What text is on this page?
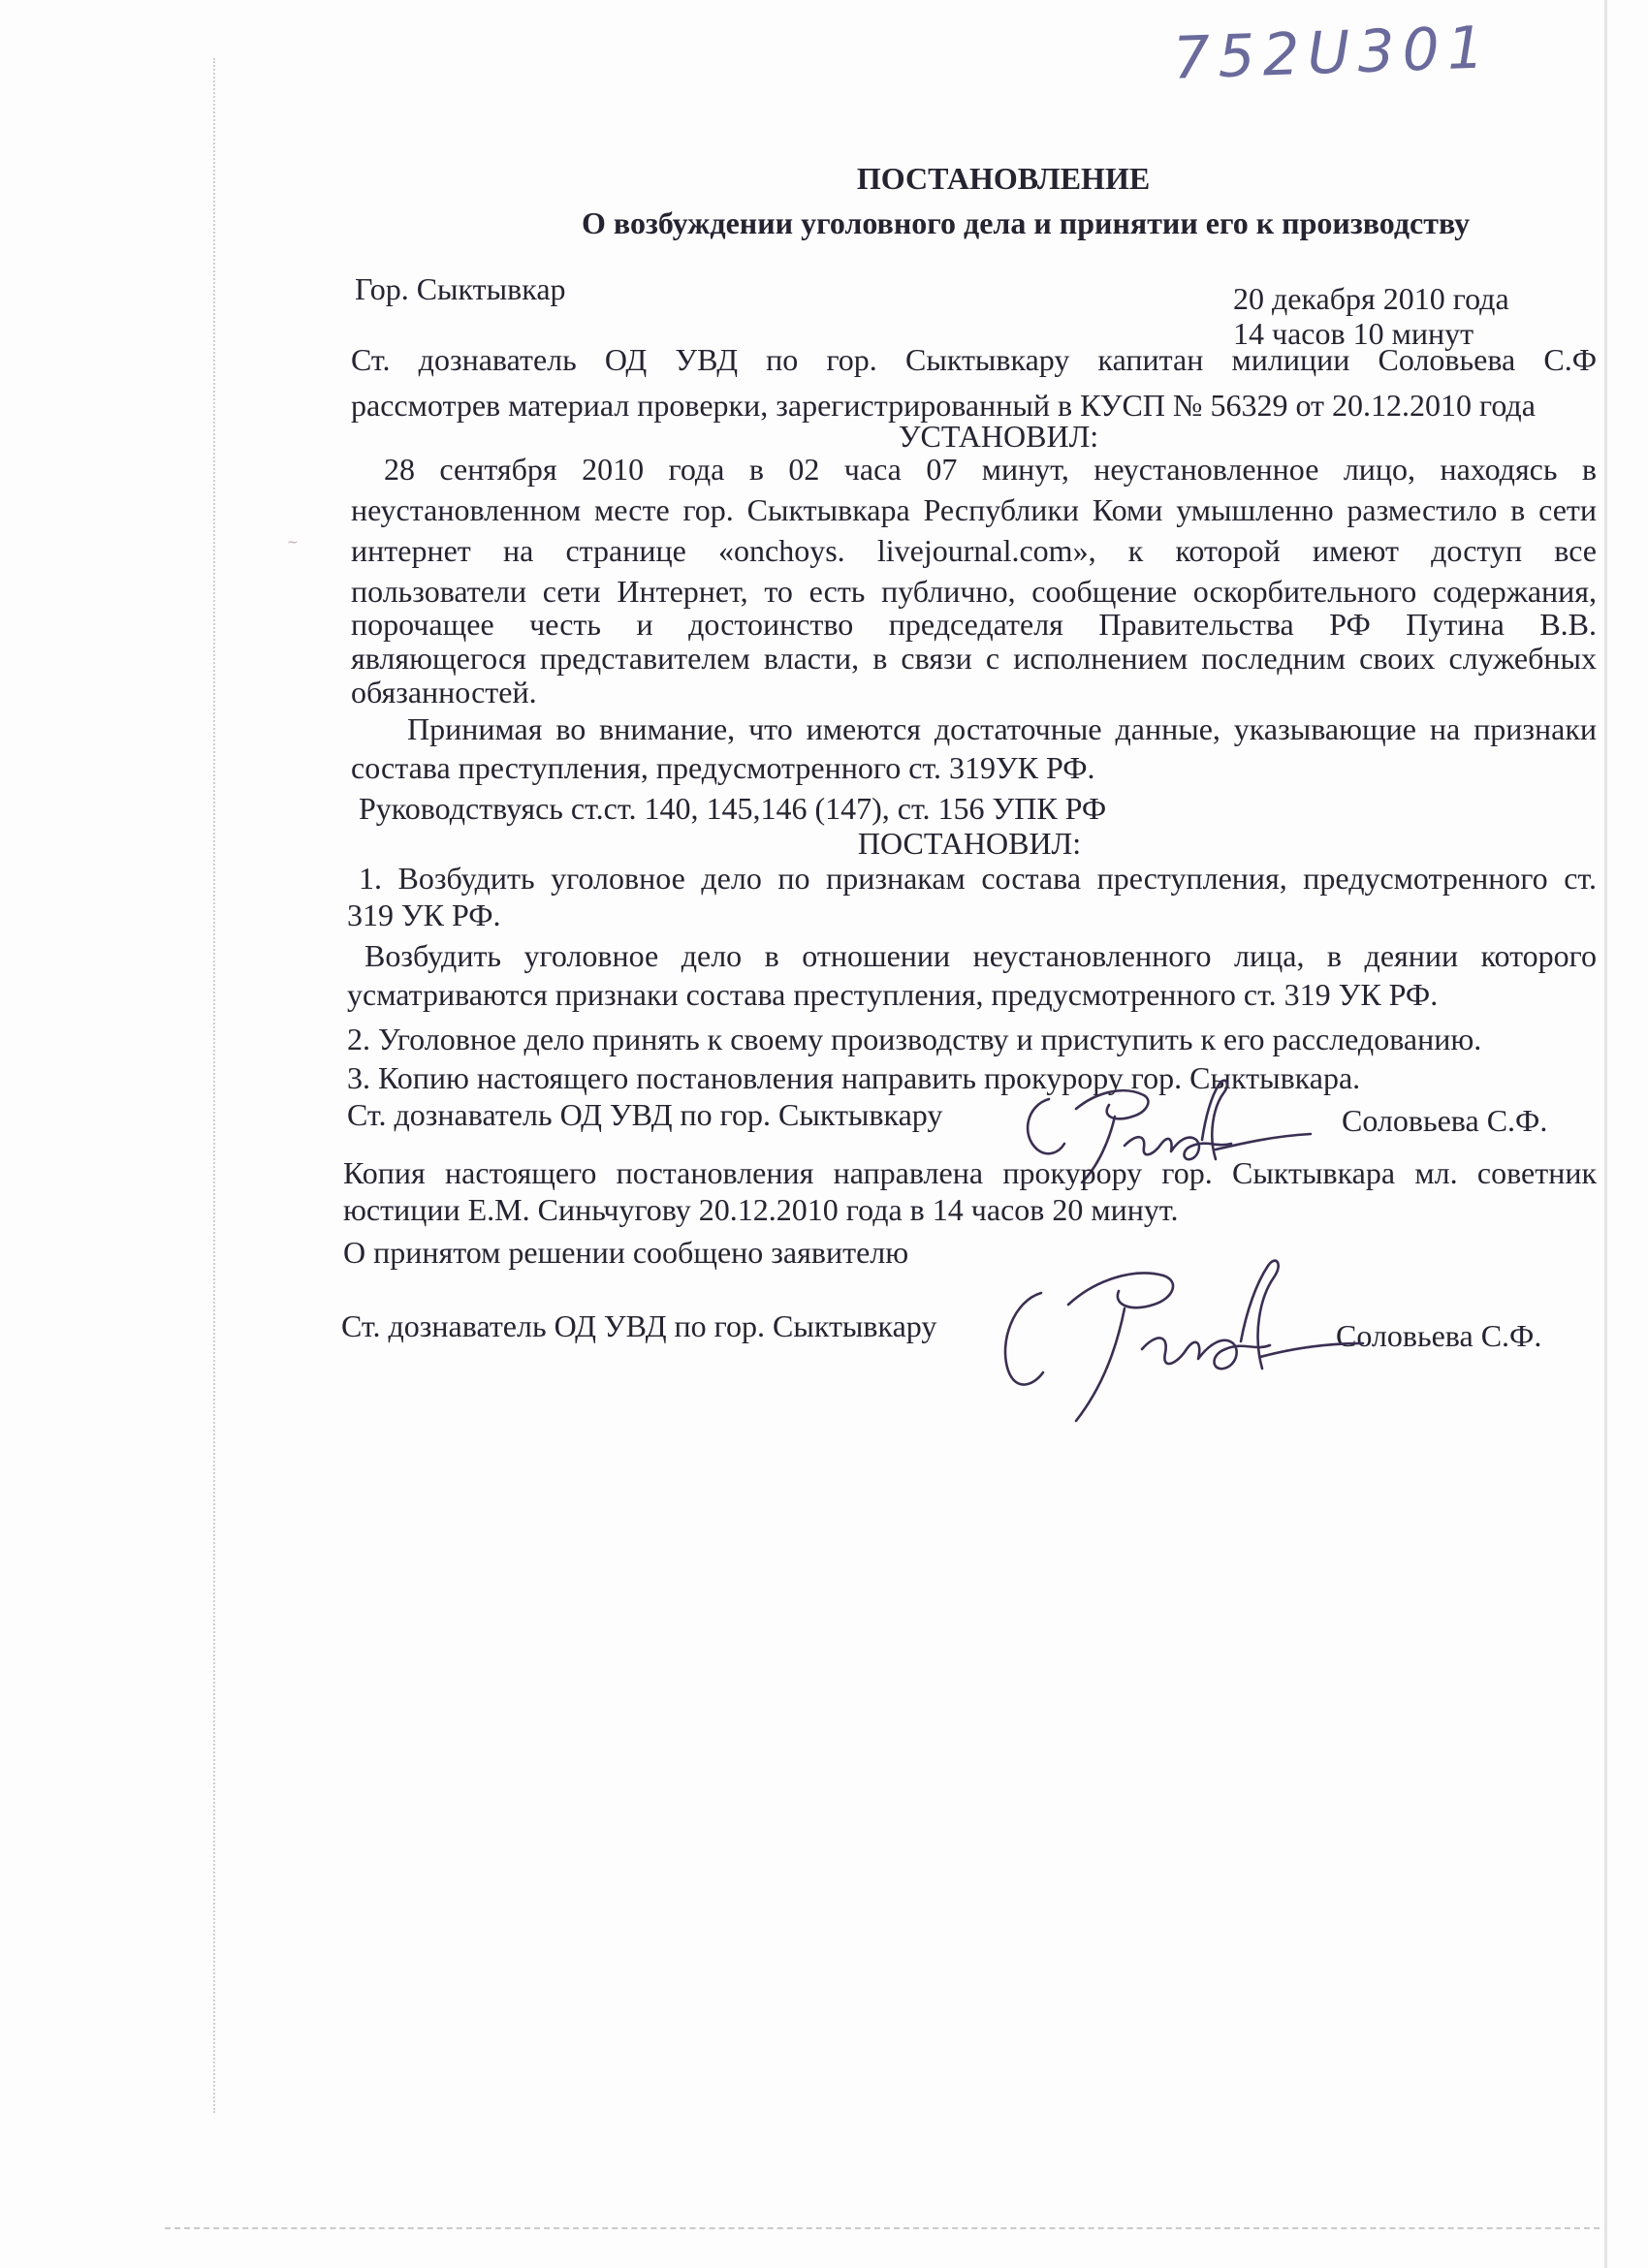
~
752U301
ПОСТАНОВЛЕНИЕ
О возбуждении уголовного дела и принятии его к производству
Гор. Сыктывкар	20 декабря 2010 года
14 часов 10 минут
Ст. дознаватель ОД УВД по гор. Сыктывкару капитан милиции Соловьева С.Ф
рассмотрев материал проверки, зарегистрированный в КУСП № 56329 от 20.12.2010 года
УСТАНОВИЛ:
28 сентября 2010 года в 02 часа 07 минут, неустановленное лицо, находясь в
неустановленном месте гор. Сыктывкара Республики Коми умышленно разместило в сети
интернет на странице «onchoys. livejournal.com», к которой имеют доступ все
пользователи сети Интернет, то есть публично, сообщение оскорбительного содержания,
порочащее честь и достоинство председателя Правительства РФ Путина В.В.
являющегося представителем власти, в связи с исполнением последним своих служебных
обязанностей.
Принимая во внимание, что имеются достаточные данные, указывающие на признаки
состава преступления, предусмотренного ст. 319УК РФ.
Руководствуясь ст.ст. 140, 145,146 (147), ст. 156 УПК РФ
ПОСТАНОВИЛ:
1. Возбудить уголовное дело по признакам состава преступления, предусмотренного ст.
319 УК РФ.
Возбудить уголовное дело в отношении неустановленного лица, в деянии которого
усматриваются признаки состава преступления, предусмотренного ст. 319 УК РФ.
2. Уголовное дело принять к своему производству и приступить к его расследованию.
3. Копию настоящего постановления направить прокурору гор. Сыктывкара.
Ст. дознаватель ОД УВД по гор. Сыктывкару	Соловьева С.Ф.
Копия настоящего постановления направлена прокурору гор. Сыктывкара мл. советник
юстиции Е.М. Синьчугову 20.12.2010 года в 14 часов 20 минут.
О принятом решении сообщено заявителю
Ст. дознаватель ОД УВД по гор. Сыктывкару	Соловьева С.Ф.
